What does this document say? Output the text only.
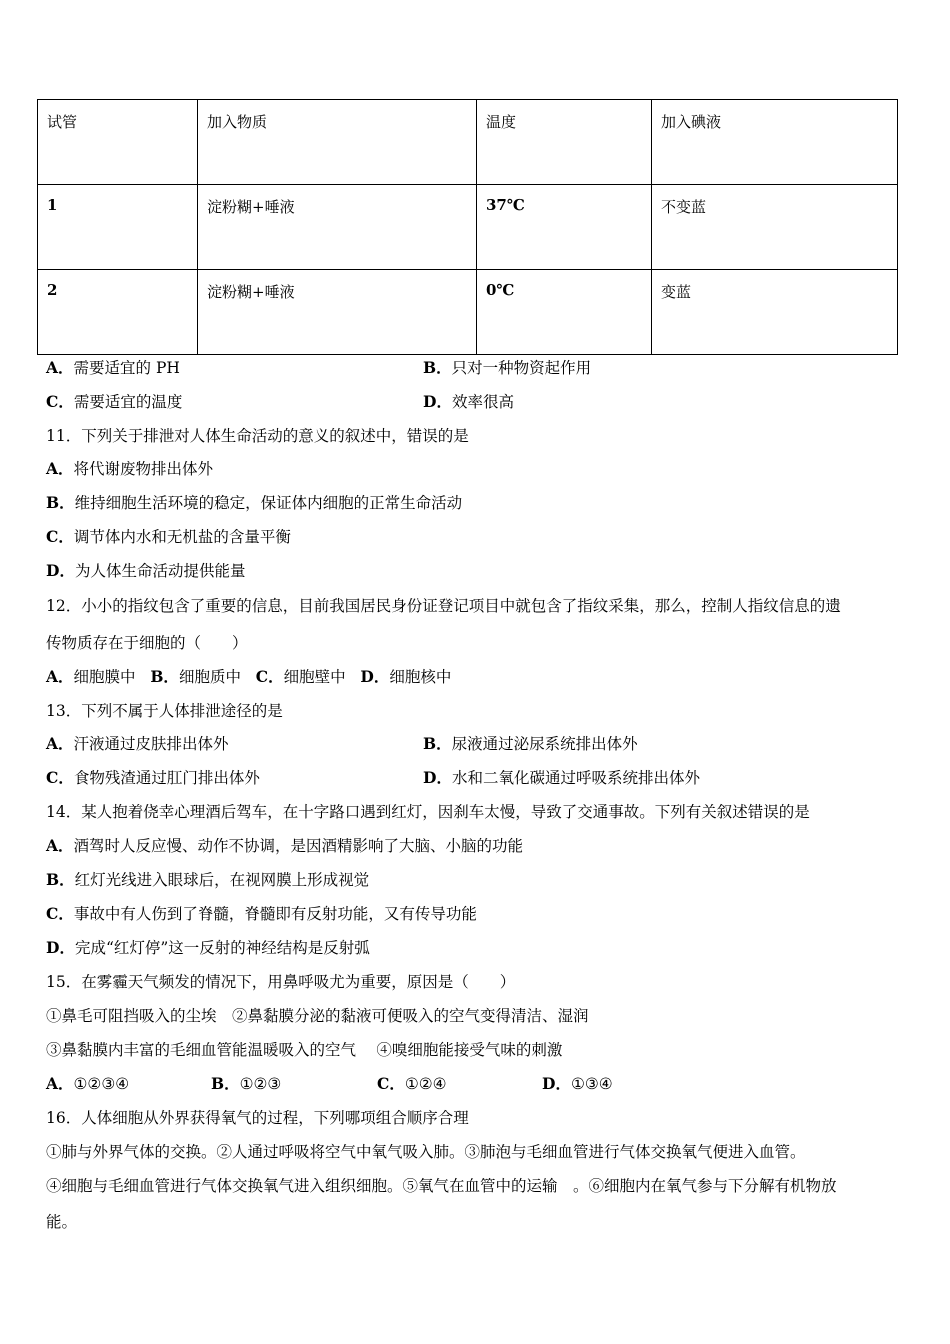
试管	加入物质	温度	加入碘液
1	淀粉糊+唾液	37℃	不变蓝
2	淀粉糊+唾液	0℃	变蓝
A．需要适宜的 PH	B．只对一种物资起作用
C．需要适宜的温度	D．效率很高
11．下列关于排泄对人体生命活动的意义的叙述中，错误的是
A．将代谢废物排出体外
B．维持细胞生活环境的稳定，保证体内细胞的正常生命活动
C．调节体内水和无机盐的含量平衡
D．为人体生命活动提供能量
12．小小的指纹包含了重要的信息，目前我国居民身份证登记项目中就包含了指纹采集，那么，控制人指纹信息的遗
传物质存在于细胞的（　　）
A．细胞膜中 B．细胞质中 C．细胞壁中 D．细胞核中
13．下列不属于人体排泄途径的是
A．汗液通过皮肤排出体外	B．尿液通过泌尿系统排出体外
C．食物残渣通过肛门排出体外	D．水和二氧化碳通过呼吸系统排出体外
14．某人抱着侥幸心理酒后驾车，在十字路口遇到红灯，因刹车太慢，导致了交通事故。下列有关叙述错误的是
A．酒驾时人反应慢、动作不协调，是因酒精影响了大脑、小脑的功能
B．红灯光线进入眼球后，在视网膜上形成视觉
C．事故中有人伤到了脊髓，脊髓即有反射功能，又有传导功能
D．完成“红灯停”这一反射的神经结构是反射弧
15．在雾霾天气频发的情况下，用鼻呼吸尤为重要，原因是（　　）
①鼻毛可阻挡吸入的尘埃　②鼻黏膜分泌的黏液可便吸入的空气变得清洁、湿润
③鼻黏膜内丰富的毛细血管能温暖吸入的空气　 ④嗅细胞能接受气味的刺激
A．①②③④	B．①②③	C．①②④	D．①③④
16．人体细胞从外界获得氧气的过程，下列哪项组合顺序合理
①肺与外界气体的交换。②人通过呼吸将空气中氧气吸入肺。③肺泡与毛细血管进行气体交换氧气便进入血管。
④细胞与毛细血管进行气体交换氧气进入组织细胞。⑤氧气在血管中的运输　。⑥细胞内在氧气参与下分解有机物放
能。
